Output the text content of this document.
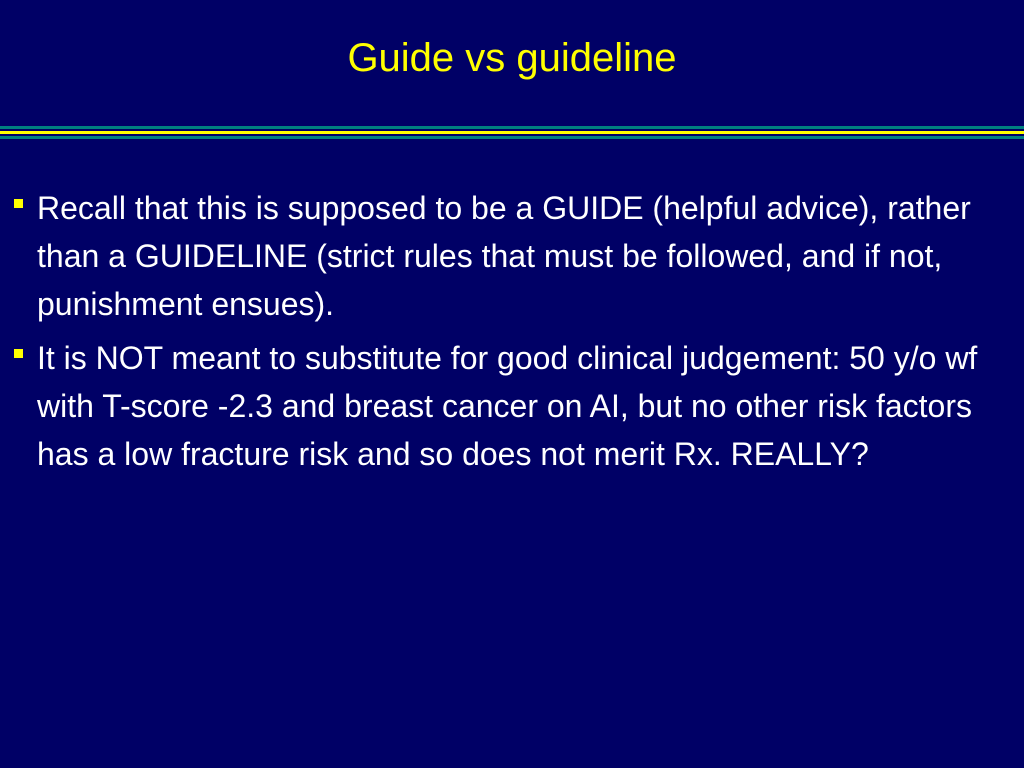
Guide vs guideline
Recall that this is supposed to be a GUIDE (helpful advice), rather than a GUIDELINE (strict rules that must be followed, and if not, punishment ensues).
It is NOT meant to substitute for good clinical judgement: 50 y/o wf with T-score -2.3 and breast cancer on AI, but no other risk factors has a low fracture risk and so does not merit Rx. REALLY?
